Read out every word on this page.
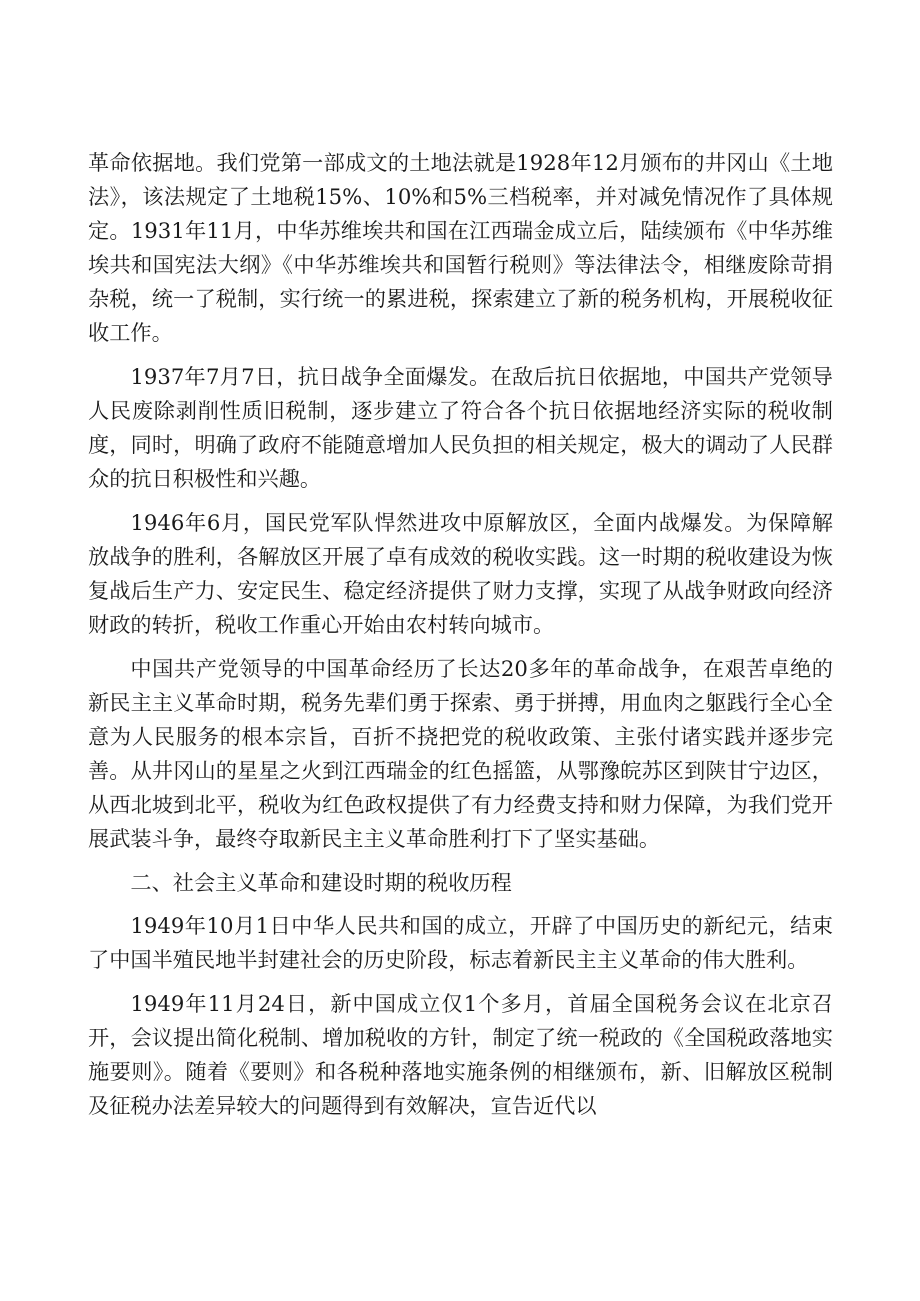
革命依据地。我们党第一部成文的土地法就是1928年12月颁布的井冈山《土地法》，该法规定了土地税15%、10%和5%三档税率，并对减免情况作了具体规定。1931年11月，中华苏维埃共和国在江西瑞金成立后，陆续颁布《中华苏维埃共和国宪法大纲》《中华苏维埃共和国暂行税则》等法律法令，相继废除苛捐杂税，统一了税制，实行统一的累进税，探索建立了新的税务机构，开展税收征收工作。

1937年7月7日，抗日战争全面爆发。在敌后抗日依据地，中国共产党领导人民废除剥削性质旧税制，逐步建立了符合各个抗日依据地经济实际的税收制度，同时，明确了政府不能随意增加人民负担的相关规定，极大的调动了人民群众的抗日积极性和兴趣。

1946年6月，国民党军队悍然进攻中原解放区，全面内战爆发。为保障解放战争的胜利，各解放区开展了卓有成效的税收实践。这一时期的税收建设为恢复战后生产力、安定民生、稳定经济提供了财力支撑，实现了从战争财政向经济财政的转折，税收工作重心开始由农村转向城市。

中国共产党领导的中国革命经历了长达20多年的革命战争，在艰苦卓绝的新民主主义革命时期，税务先辈们勇于探索、勇于拼搏，用血肉之躯践行全心全意为人民服务的根本宗旨，百折不挠把党的税收政策、主张付诸实践并逐步完善。从井冈山的星星之火到江西瑞金的红色摇篮，从鄂豫皖苏区到陕甘宁边区，从西北坡到北平，税收为红色政权提供了有力经费支持和财力保障，为我们党开展武装斗争，最终夺取新民主主义革命胜利打下了坚实基础。

二、社会主义革命和建设时期的税收历程

1949年10月1日中华人民共和国的成立，开辟了中国历史的新纪元，结束了中国半殖民地半封建社会的历史阶段，标志着新民主主义革命的伟大胜利。

1949年11月24日，新中国成立仅1个多月，首届全国税务会议在北京召开，会议提出简化税制、增加税收的方针，制定了统一税政的《全国税政落地实施要则》。随着《要则》和各税种落地实施条例的相继颁布，新、旧解放区税制及征税办法差异较大的问题得到有效解决，宣告近代以
